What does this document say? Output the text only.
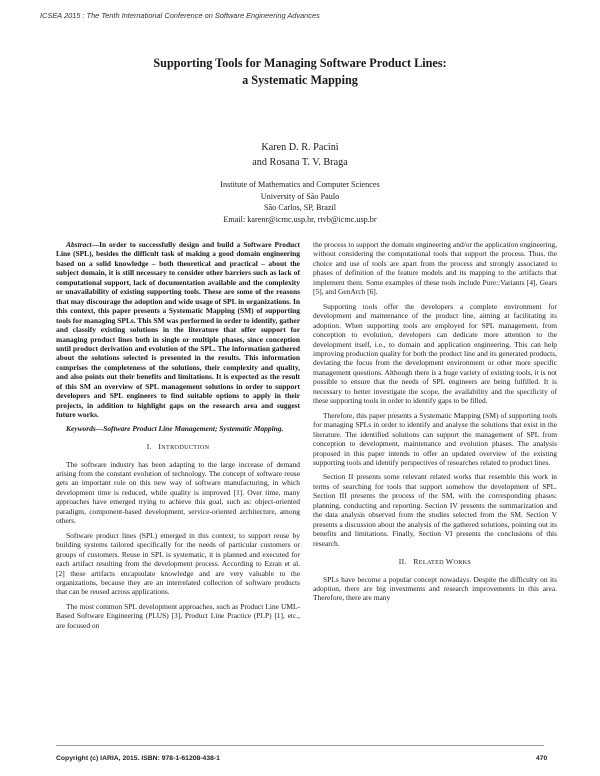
ICSEA 2015 : The Tenth International Conference on Software Engineering Advances
Supporting Tools for Managing Software Product Lines:
a Systematic Mapping
Karen D. R. Pacini
and Rosana T. V. Braga
Institute of Mathematics and Computer Sciences
University of São Paulo
São Carlos, SP, Brazil
Email: karenr@icmc.usp.br, rtvb@icmc.usp.br

Abstract—In order to successfully design and build a Software Product Line (SPL), besides the difficult task of making a good domain engineering based on a solid knowledge – both theoretical and practical – about the subject domain, it is still necessary to consider other barriers such as lack of computational support, lack of documentation available and the complexity or unavailability of existing supporting tools. These are some of the reasons that may discourage the adoption and wide usage of SPL in organizations. In this context, this paper presents a Systematic Mapping (SM) of supporting tools for managing SPLs. This SM was performed in order to identify, gather and classify existing solutions in the literature that offer support for managing product lines both in single or multiple phases, since conception until product derivation and evolution of the SPL. The information gathered about the solutions selected is presented in the results. This information comprises the completeness of the solutions, their complexity and quality, and also points out their benefits and limitations. It is expected as the result of this SM an overview of SPL management solutions in order to support developers and SPL engineers to find suitable options to apply in their projects, in addition to highlight gaps on the research area and suggest future works.

Keywords—Software Product Line Management; Systematic Mapping.

I. INTRODUCTION

The software industry has been adapting to the large increase of demand arising from the constant evolution of technology. The concept of software reuse gets an important role on this new way of software manufacturing, in which development time is reduced, while quality is improved [1]. Over time, many approaches have emerged trying to achieve this goal, such as: object-oriented paradigm, component-based development, service-oriented architecture, among others.

Software product lines (SPL) emerged in this context, to support reuse by building systems tailored specifically for the needs of particular customers or groups of customers. Reuse in SPL is systematic, it is planned and executed for each artifact resulting from the development process. According to Ezran et al. [2] these artifacts encapsulate knowledge and are very valuable to the organizations, because they are an interrelated collection of software products that can be reused across applications.

The most common SPL development approaches, such as Product Line UML-Based Software Engineering (PLUS) [3], Product Line Practice (PLP) [1], etc., are focused on

the process to support the domain engineering and/or the application engineering, without considering the computational tools that support the process. Thus, the choice and use of tools are apart from the process and strongly associated to phases of definition of the feature models and its mapping to the artifacts that implement them. Some examples of these tools include Pure::Variants [4], Gears [5], and GenArch [6].

Supporting tools offer the developers a complete environment for development and maintenance of the product line, aiming at facilitating its adoption. When supporting tools are employed for SPL management, from conception to evolution, developers can dedicate more attention to the development itself, i.e., to domain and application engineering. This can help improving production quality for both the product line and its generated products, deviating the focus from the development environment or other more specific management questions. Although there is a huge variety of existing tools, it is not possible to ensure that the needs of SPL engineers are being fulfilled. It is necessary to better investigate the scope, the availability and the specificity of these supporting tools in order to identify gaps to be filled.

Therefore, this paper presents a Systematic Mapping (SM) of supporting tools for managing SPLs in order to identify and analyse the solutions that exist in the literature. The identified solutions can support the management of SPL from conception to development, maintenance and evolution phases. The analysis proposed in this paper intends to offer an updated overview of the existing supporting tools and identify perspectives of researches related to product lines.

Section II presents some relevant related works that resemble this work in terms of searching for tools that support somehow the development of SPL. Section III presents the process of the SM, with the corresponding phases: planning, conducting and reporting. Section IV presents the summarization and the data analysis observed from the studies selected from the SM. Section V presents a discussion about the analysis of the gathered solutions, pointing out its benefits and limitations. Finally, Section VI presents the conclusions of this research.

II. RELATED WORKS

SPLs have become a popular concept nowadays. Despite the difficulty on its adoption, there are big investments and research improvements in this area. Therefore, there are many

Copyright (c) IARIA, 2015. ISBN: 978-1-61208-438-1	470
